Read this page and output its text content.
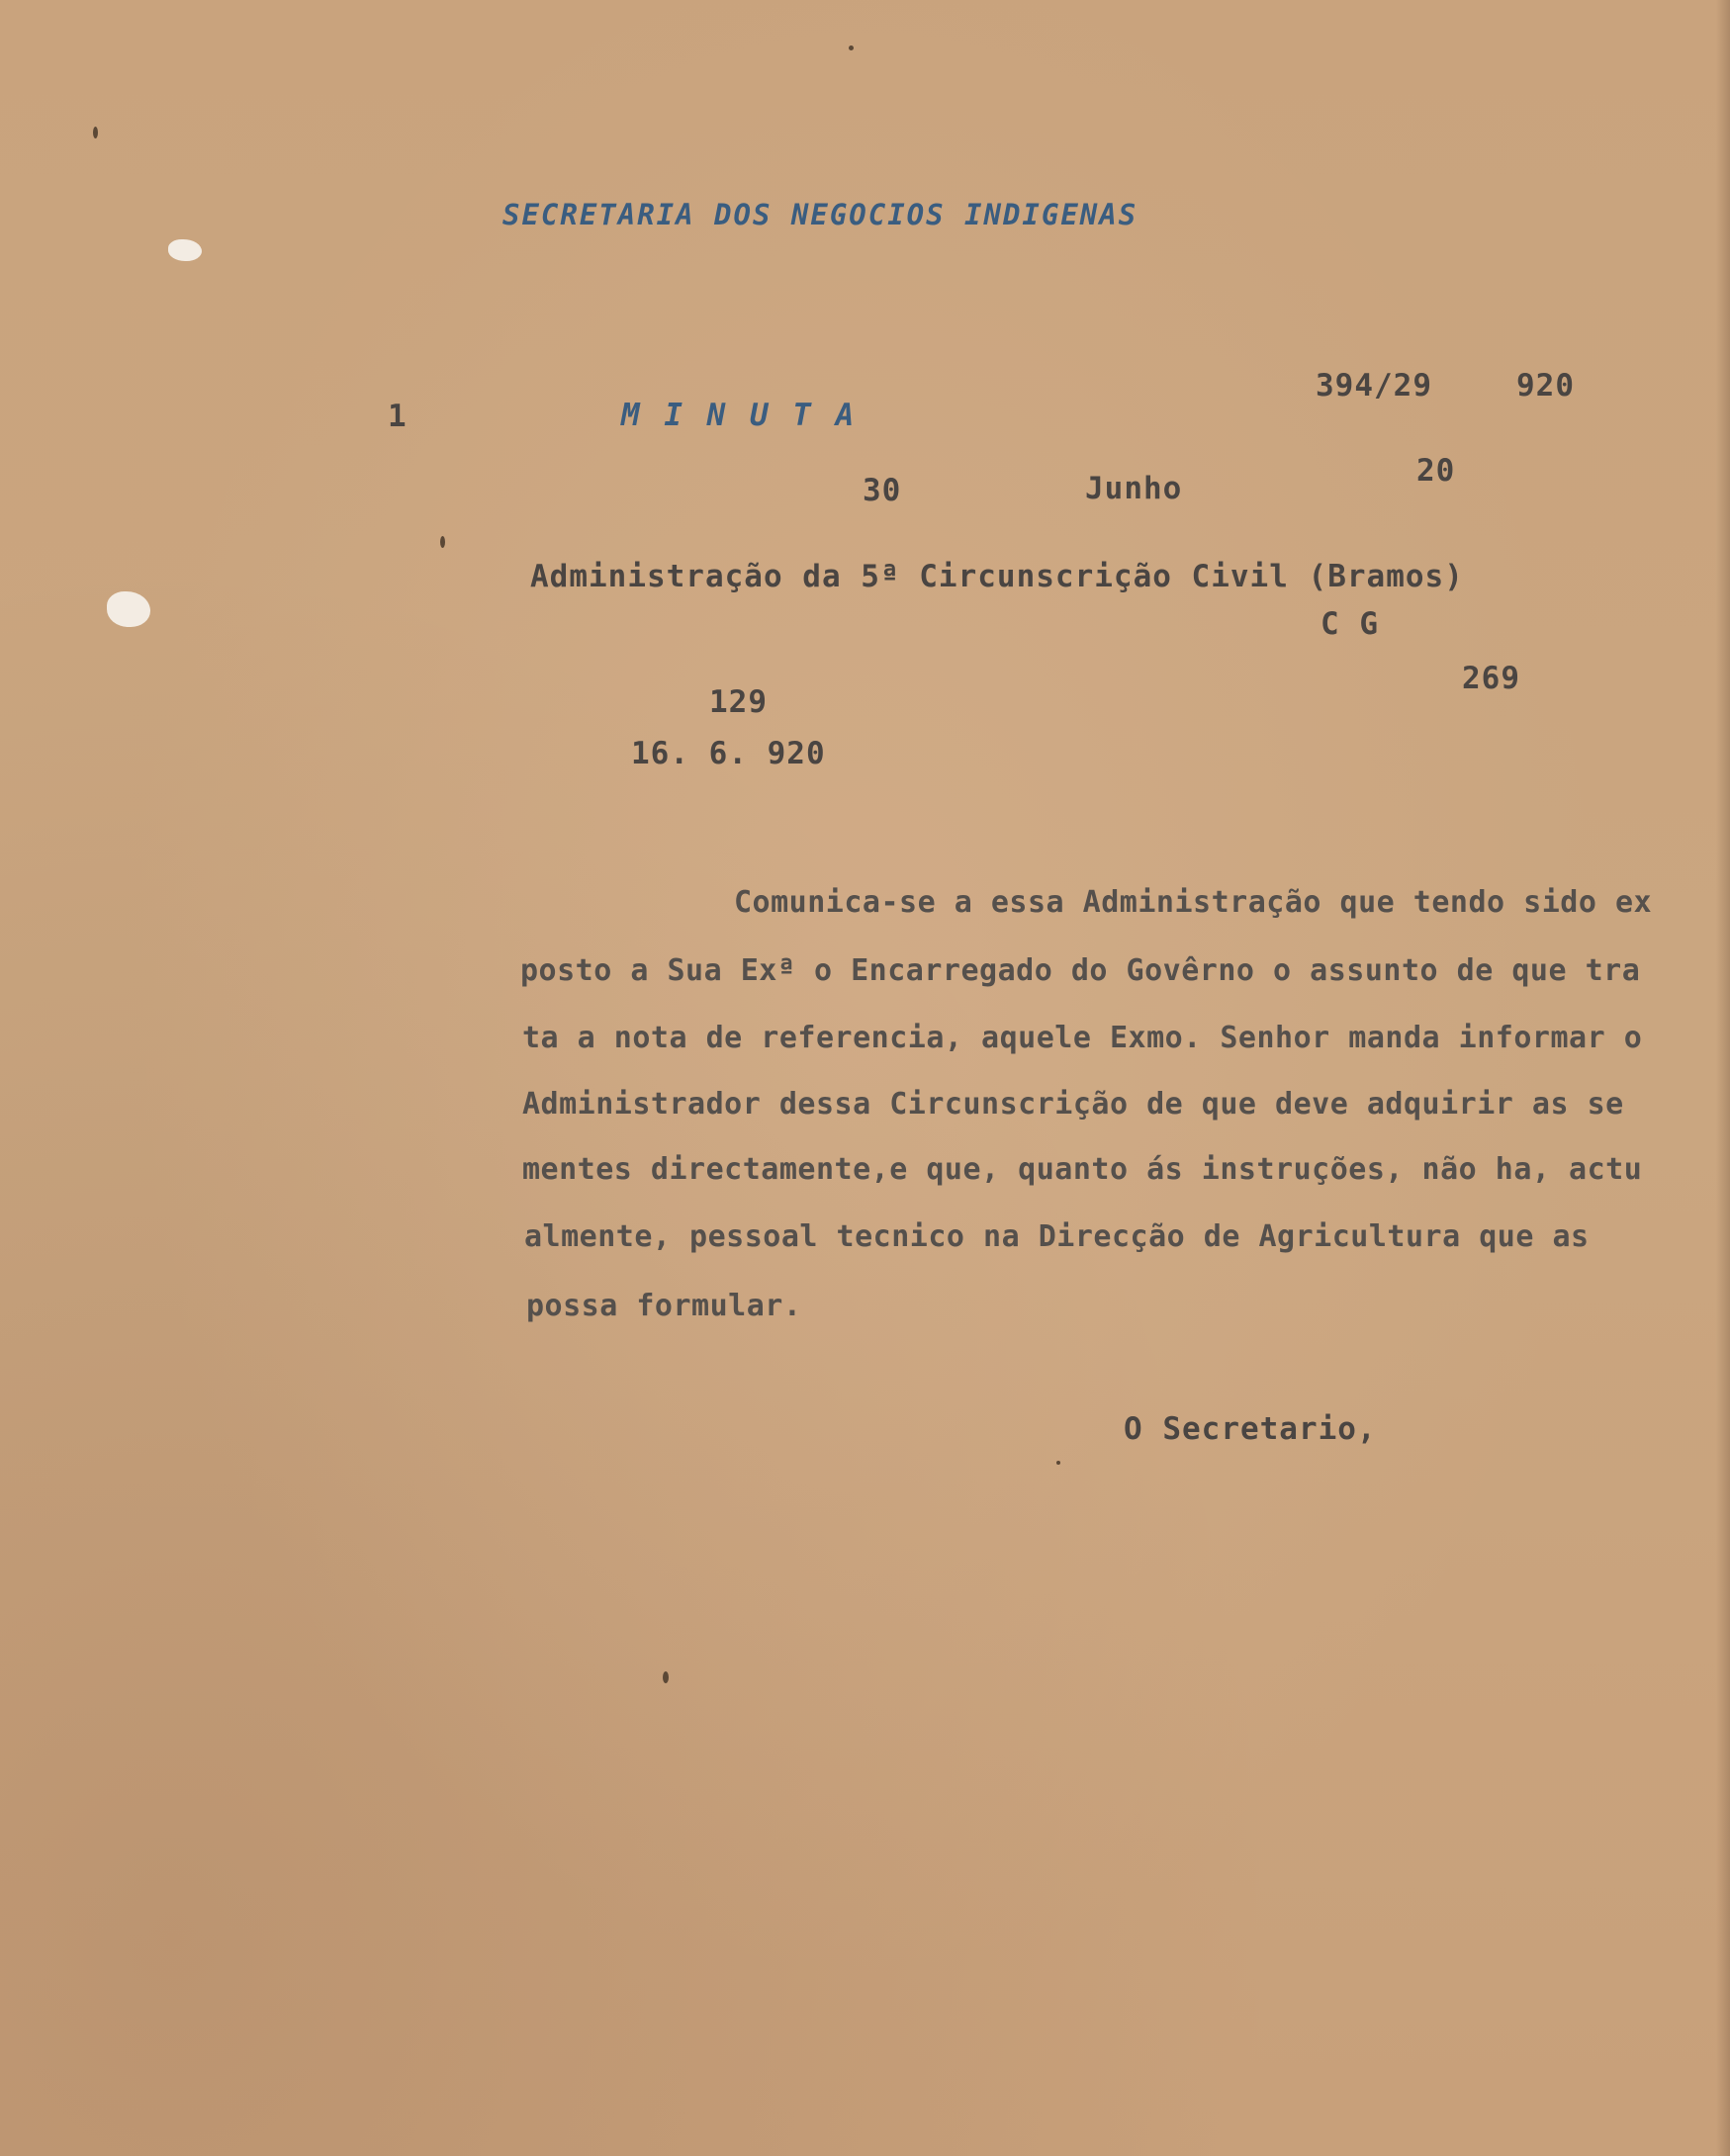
SECRETARIA DOS NEGOCIOS INDIGENAS
1	M I N U T A
394/29	920
30	Junho	20
Administração da 5ª Circunscrição Civil (Bramos)
C G
269
129
16. 6. 920
Comunica-se a essa Administração que tendo sido ex
posto a Sua Exª o Encarregado do Govêrno o assunto de que tra
ta a nota de referencia, aquele Exmo. Senhor manda informar o
Administrador dessa Circunscrição de que deve adquirir as se
mentes directamente,e que, quanto ás instruções, não ha, actu
almente, pessoal tecnico na Direcção de Agricultura que as
possa formular.
O Secretario,
